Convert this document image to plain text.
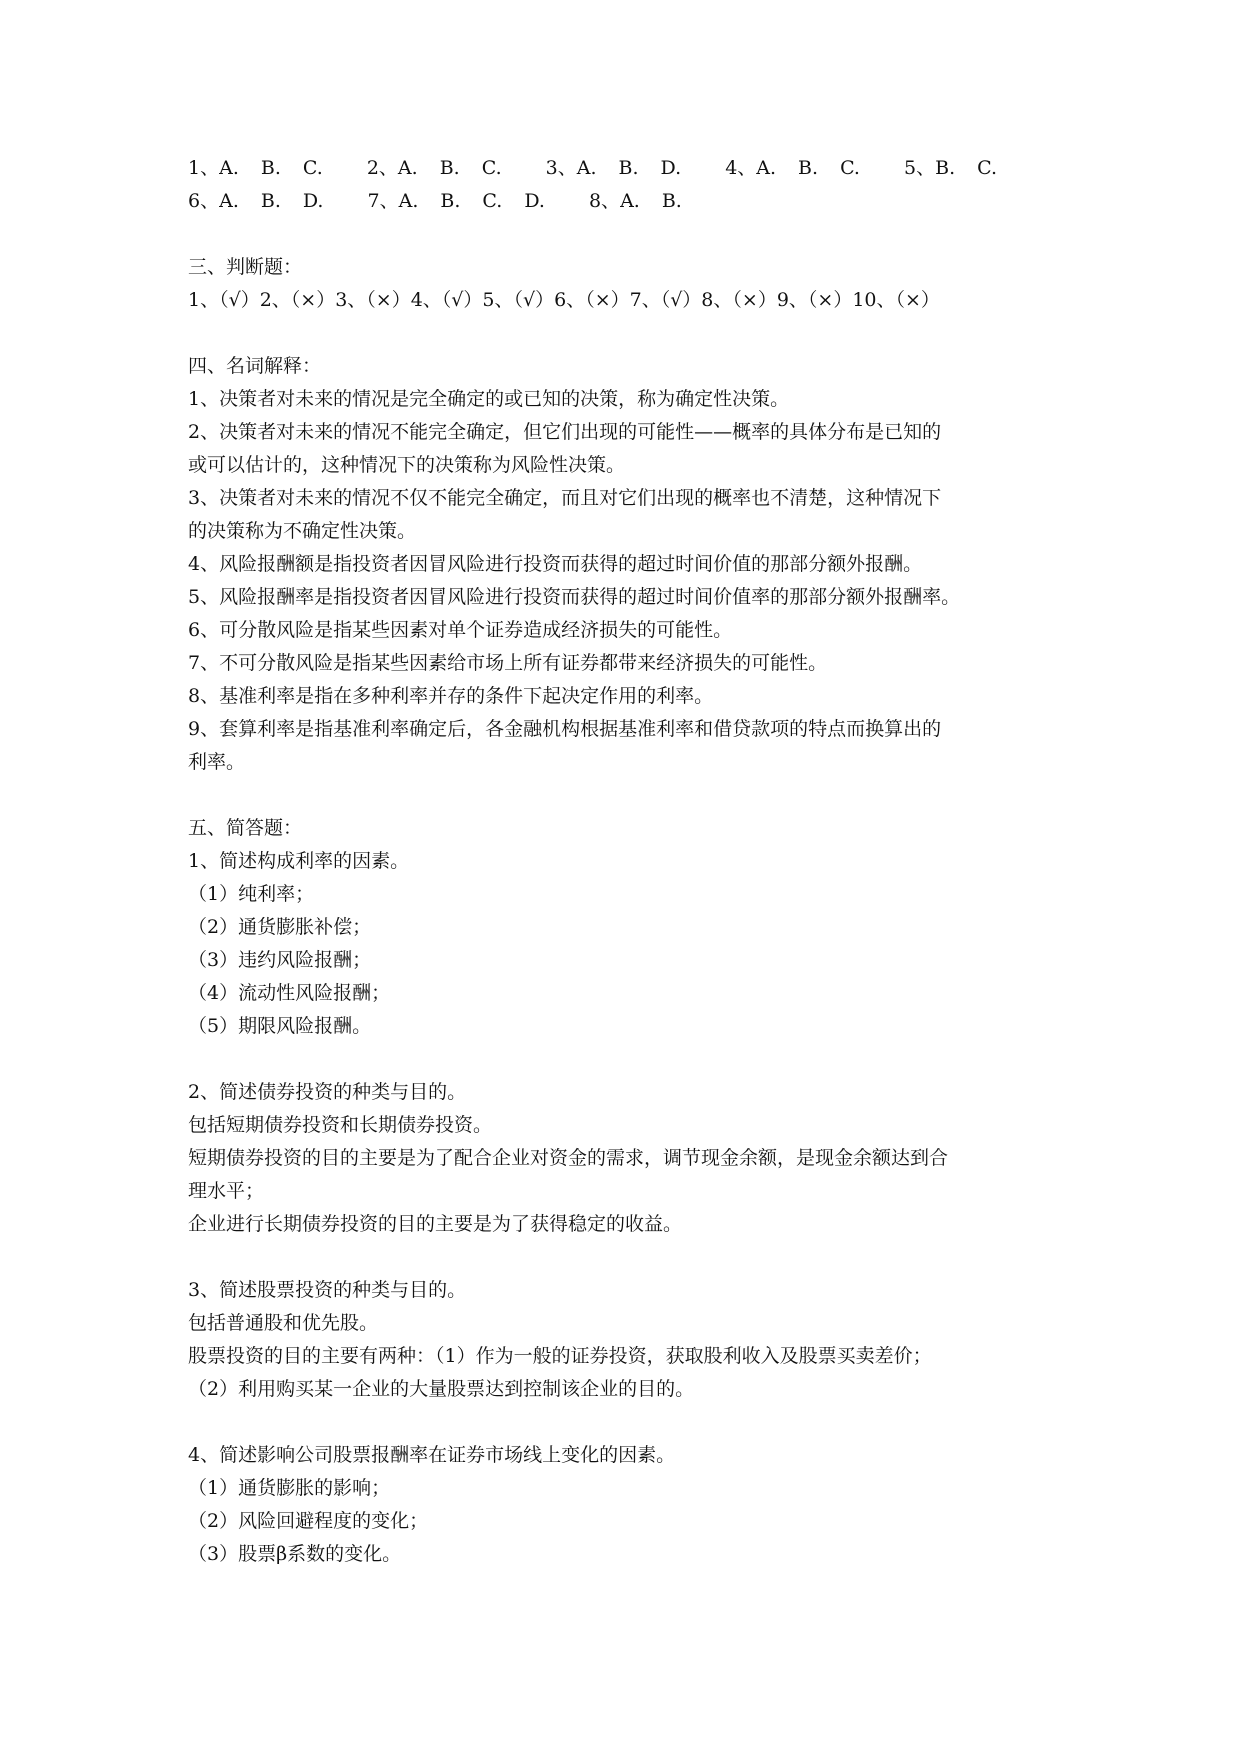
1、A. B. C. 2、A. B. C. 3、A. B. D. 4、A. B. C. 5、B. C.
6、A. B. D. 7、A. B. C. D. 8、A. B.
三、判断题：
1、（√）2、（×）3、（×）4、（√）5、（√）6、（×）7、（√）8、（×）9、（×）10、（×）
四、名词解释：
1、决策者对未来的情况是完全确定的或已知的决策，称为确定性决策。
2、决策者对未来的情况不能完全确定，但它们出现的可能性——概率的具体分布是已知的
或可以估计的，这种情况下的决策称为风险性决策。
3、决策者对未来的情况不仅不能完全确定，而且对它们出现的概率也不清楚，这种情况下
的决策称为不确定性决策。
4、风险报酬额是指投资者因冒风险进行投资而获得的超过时间价值的那部分额外报酬。
5、风险报酬率是指投资者因冒风险进行投资而获得的超过时间价值率的那部分额外报酬率。
6、可分散风险是指某些因素对单个证券造成经济损失的可能性。
7、不可分散风险是指某些因素给市场上所有证券都带来经济损失的可能性。
8、基准利率是指在多种利率并存的条件下起决定作用的利率。
9、套算利率是指基准利率确定后，各金融机构根据基准利率和借贷款项的特点而换算出的
利率。
五、简答题：
1、简述构成利率的因素。
（1）纯利率；
（2）通货膨胀补偿；
（3）违约风险报酬；
（4）流动性风险报酬；
（5）期限风险报酬。
2、简述债券投资的种类与目的。
包括短期债券投资和长期债券投资。
短期债券投资的目的主要是为了配合企业对资金的需求，调节现金余额，是现金余额达到合
理水平；
企业进行长期债券投资的目的主要是为了获得稳定的收益。
3、简述股票投资的种类与目的。
包括普通股和优先股。
股票投资的目的主要有两种：（1）作为一般的证券投资，获取股利收入及股票买卖差价；
（2）利用购买某一企业的大量股票达到控制该企业的目的。
4、简述影响公司股票报酬率在证券市场线上变化的因素。
（1）通货膨胀的影响；
（2）风险回避程度的变化；
（3）股票β系数的变化。
